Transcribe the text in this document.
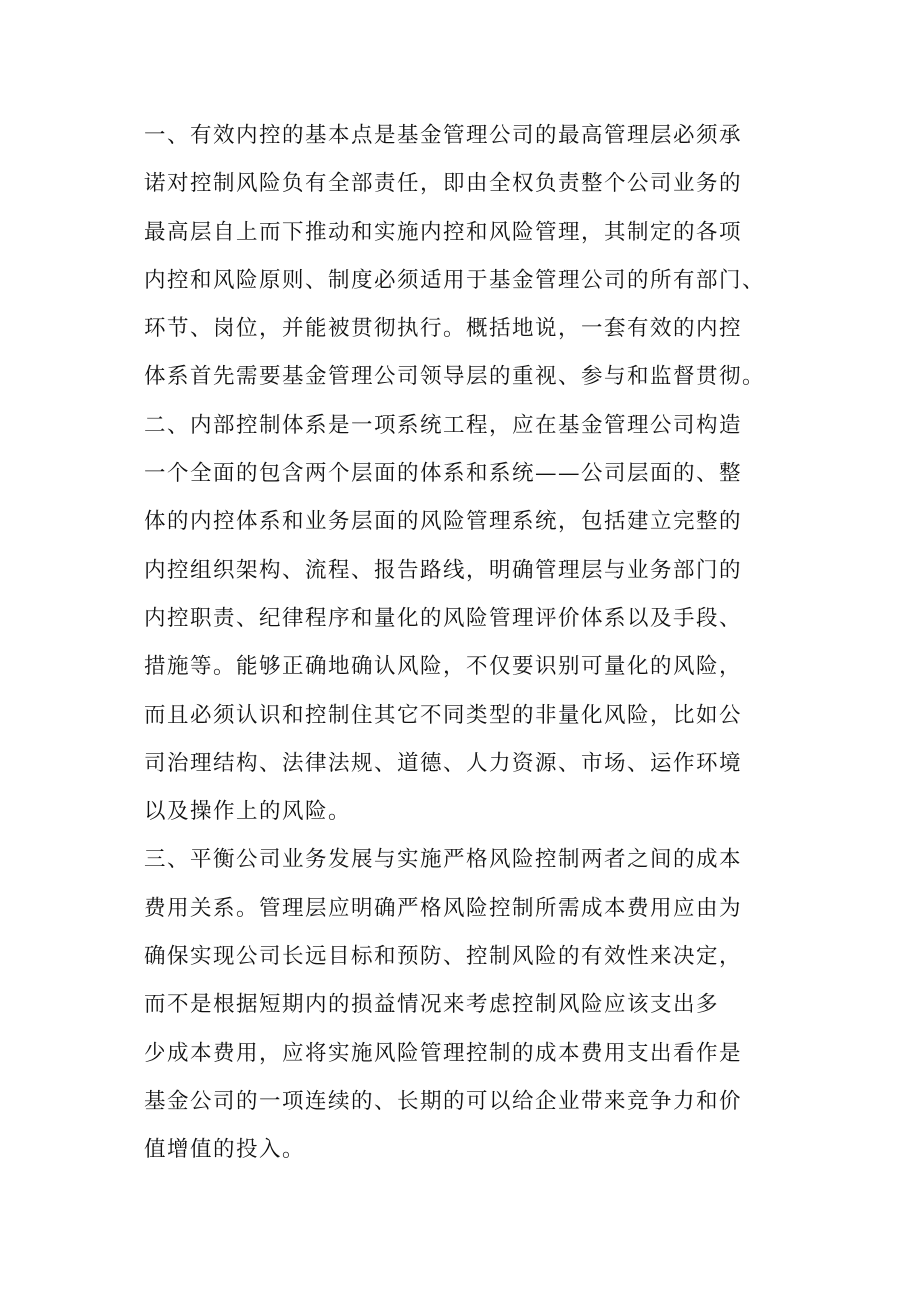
一、有效内控的基本点是基金管理公司的最高管理层必须承
诺对控制风险负有全部责任，即由全权负责整个公司业务的
最高层自上而下推动和实施内控和风险管理，其制定的各项
内控和风险原则、制度必须适用于基金管理公司的所有部门、
环节、岗位，并能被贯彻执行。概括地说，一套有效的内控
体系首先需要基金管理公司领导层的重视、参与和监督贯彻。
二、内部控制体系是一项系统工程，应在基金管理公司构造
一个全面的包含两个层面的体系和系统——公司层面的、整
体的内控体系和业务层面的风险管理系统，包括建立完整的
内控组织架构、流程、报告路线，明确管理层与业务部门的
内控职责、纪律程序和量化的风险管理评价体系以及手段、
措施等。能够正确地确认风险，不仅要识别可量化的风险，
而且必须认识和控制住其它不同类型的非量化风险，比如公
司治理结构、法律法规、道德、人力资源、市场、运作环境
以及操作上的风险。
三、平衡公司业务发展与实施严格风险控制两者之间的成本
费用关系。管理层应明确严格风险控制所需成本费用应由为
确保实现公司长远目标和预防、控制风险的有效性来决定，
而不是根据短期内的损益情况来考虑控制风险应该支出多
少成本费用，应将实施风险管理控制的成本费用支出看作是
基金公司的一项连续的、长期的可以给企业带来竞争力和价
值增值的投入。
